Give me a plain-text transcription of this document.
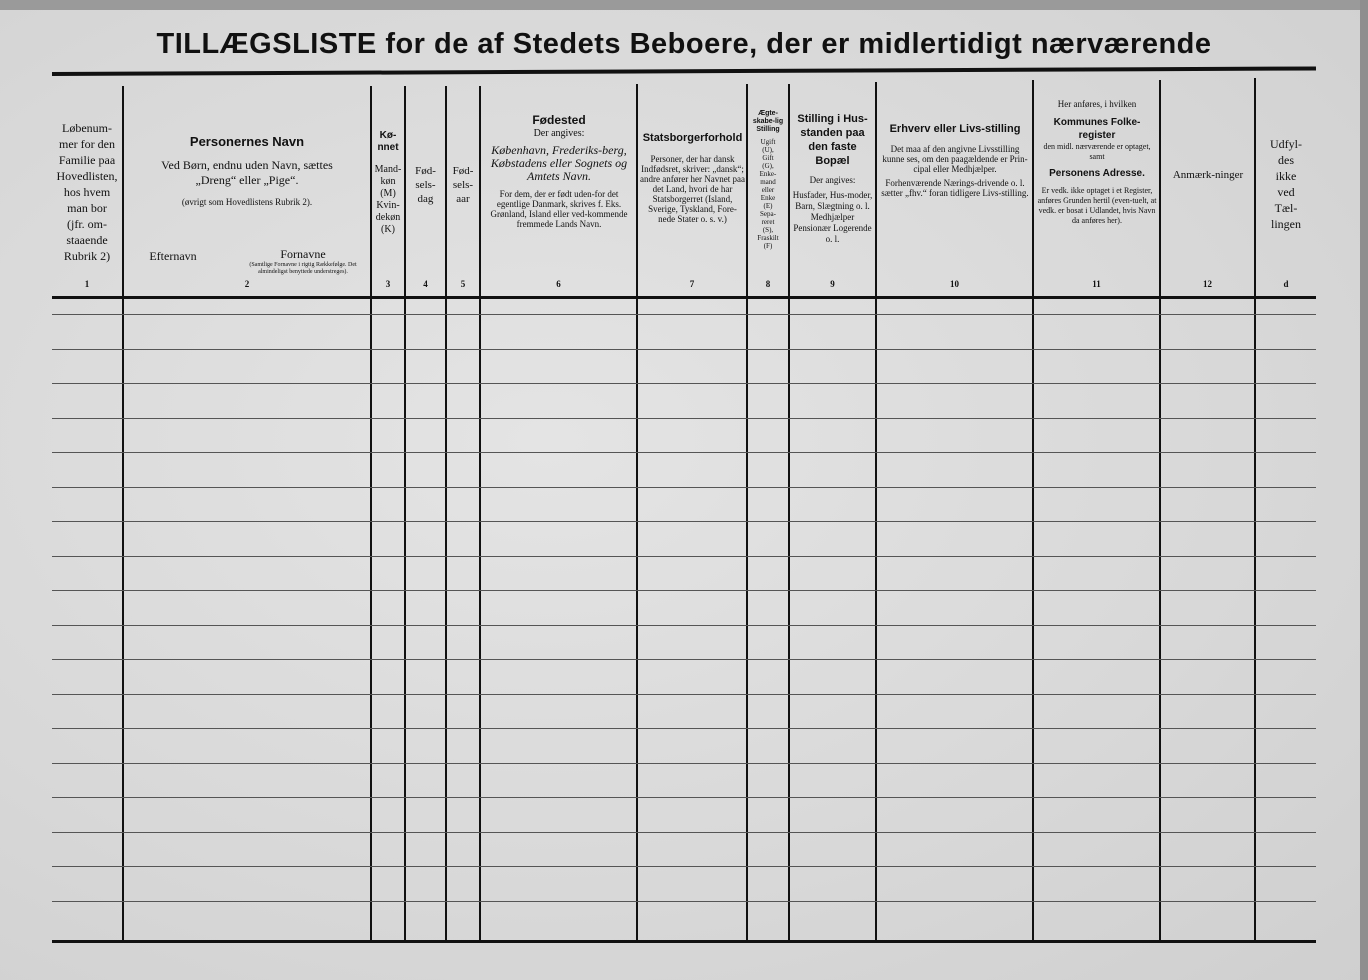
TILLÆGSLISTE for de af Stedets Beboere, der er midlertidigt nærværende
Løbenum-
mer for den
Familie paa
Hovedlisten,
hos hvem
man bor
(jfr. om-
staaende
Rubrik 2)
Personernes Navn
Ved Børn, endnu uden Navn, sættes
„Dreng“ eller „Pige“.
(øvrigt som Hovedlistens Rubrik 2).
Efternavn	Fornavne
(Samtlige Fornavne i rigtig Rækkefølge. Det almindeligst benyttede understreges).
Kø-nnet
Mand-
køn
(M)
Kvin-
dekøn
(K)
Fød-
sels-
dag
Fød-
sels-
aar
Fødested
Der angives:
København, Frederiks-berg, Købstadens eller Sognets og Amtets Navn.
For dem, der er født uden-for det egentlige Danmark, skrives f. Eks. Grønland, Island eller ved-kommende fremmede Lands Navn.
Statsborgerforhold
Personer, der har dansk Indfødsret, skriver: „dansk“; andre anfører her Navnet paa det Land, hvori de har Statsborgerret (Island, Sverige, Tyskland, Fore-nede Stater o. s. v.)
Ægte-skabe-lig Stilling
Ugift
(U),
Gift
(G),
Enke-
mand
eller
Enke
(E)
Sepa-
reret
(S),
Fraskilt
(F)
Stilling i Hus-standen paa den faste Bopæl
Der angives:
Husfader, Hus-moder, Barn, Slægtning o. l. Medhjælper Pensionær Logerende o. l.
Erhverv eller Livs-stilling
Det maa af den angivne Livsstilling kunne ses, om den paagældende er Prin-cipal eller Medhjælper.
Forhenværende Nærings-drivende o. l. sætter „fhv.“ foran tidligere Livs-stilling.
Her anføres, i hvilken
Kommunes Folke-register
den midl. nærværende er optaget, samt
Personens Adresse.
Er vedk. ikke optaget i et Register, anføres Grunden hertil (even-tuelt, at vedk. er bosat i Udlandet, hvis Navn da anføres her).
Anmærk-ninger
Udfyl-
des
ikke
ved
Tæl-
lingen
1	2	3	4	5	6	7	8	9	10	11	12	d
